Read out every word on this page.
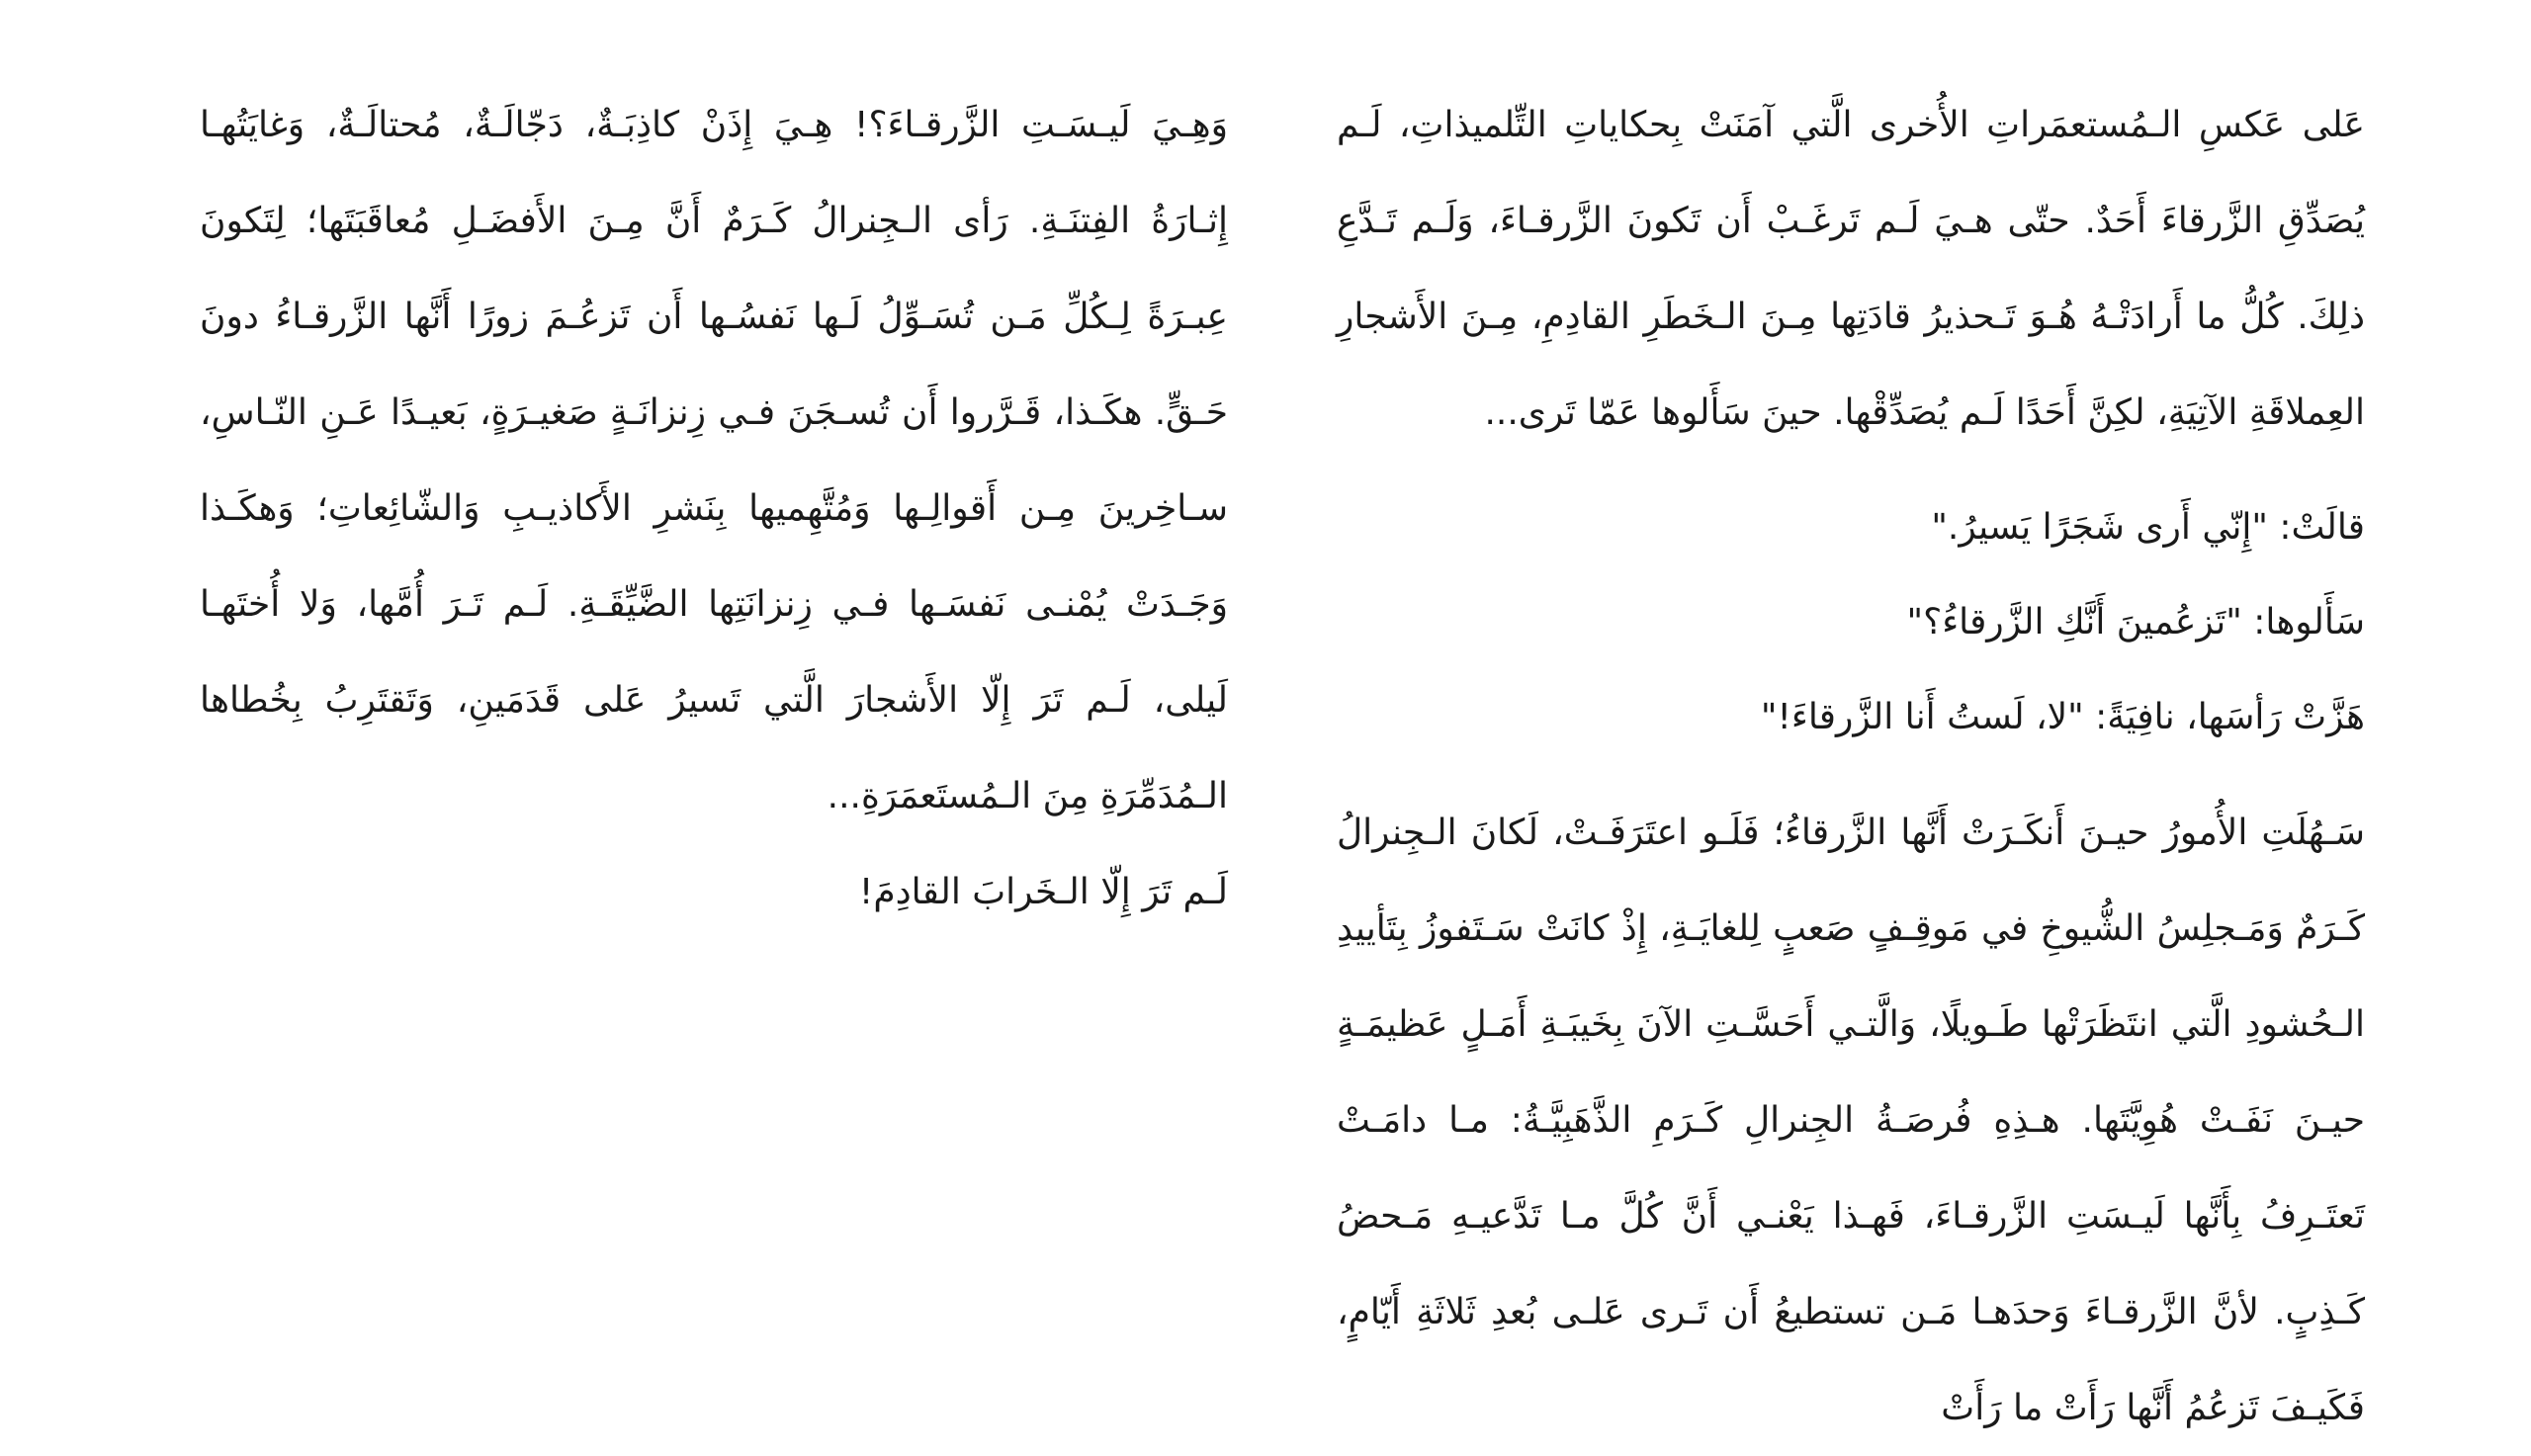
عَلى عَكسِ الـمُستعمَراتِ الأُخرى الَّتي آمَنَتْ بِحكاياتِ التِّلميذاتِ، لَـم يُصَدِّقِ الزَّرقاءَ أَحَدٌ. حتّى هـيَ لَـم تَرغَـبْ أَن تَكونَ الزَّرقـاءَ، وَلَـم تَـدَّعِ ذلِكَ. كُلُّ ما أَرادَتْـهُ هُـوَ تَـحذيرُ قادَتِها مِـنَ الـخَطَرِ القادِمِ، مِـنَ الأَشجارِ العِملاقَةِ الآتِيَةِ، لكِنَّ أَحَدًا لَـم يُصَدِّقْها. حينَ سَأَلوها عَمّا تَرى...

قالَتْ: "إِنّي أَرى شَجَرًا يَسيرُ."

سَأَلوها: "تَزعُمينَ أَنَّكِ الزَّرقاءُ؟"

هَزَّتْ رَأسَها، نافِيَةً: "لا، لَستُ أَنا الزَّرقاءَ!"

سَـهُلَتِ الأُمورُ حيـنَ أَنكَـرَتْ أَنَّها الزَّرقاءُ؛ فَلَـو اعتَرَفَـتْ، لَكانَ الـجِنرالُ كَـرَمٌ وَمَـجلِسُ الشُّيوخِ في مَوقِـفٍ صَعبٍ لِلغايَـةِ، إِذْ كانَتْ سَـتَفوزُ بِتَأييدِ الـحُشودِ الَّتي انتَظَرَتْها طَـويلًا، وَالَّتـي أَحَسَّـتِ الآنَ بِخَيبَـةِ أَمَـلٍ عَظيمَـةٍ حيـنَ نَفَـتْ هُوِيَّتَها. هـذِهِ فُرصَـةُ الجِنرالِ كَـرَمِ الذَّهَبِيَّـةُ: مـا دامَـتْ تَعتَـرِفُ بِأَنَّها لَيـسَتِ الزَّرقـاءَ، فَهـذا يَعْنـي أَنَّ كُلَّ مـا تَدَّعيـهِ مَـحضُ كَـذِبٍ. لأنَّ الزَّرقـاءَ وَحدَهـا مَـن تستطيعُ أَن تَـرى عَلـى بُعدِ ثَلاثَةِ أَيّامٍ، فَكَيـفَ تَزعُمُ أَنَّها رَأَتْ ما رَأَتْ

وَهِـيَ لَيـسَـتِ الزَّرقـاءَ؟! هِـيَ إِذَنْ كاذِبَـةٌ، دَجّالَـةٌ، مُحتالَـةٌ، وَغايَتُهـا إِثـارَةُ الفِتنَـةِ. رَأى الـجِنرالُ كَـرَمٌ أَنَّ مِـنَ الأَفضَـلِ مُعاقَبَتَها؛ لِتَكونَ عِبـرَةً لِـكُلِّ مَـن تُسَـوِّلُ لَـها نَفسُـها أَن تَزعُـمَ زورًا أَنَّها الزَّرقـاءُ دونَ حَـقٍّ. هكَـذا، قَـرَّروا أَن تُسـجَنَ فـي زِنزانَـةٍ صَغيـرَةٍ، بَعيـدًا عَـنِ النّـاسِ، سـاخِرينَ مِـن أَقوالِـها وَمُتَّهِميها بِنَشرِ الأَكاذيـبِ وَالشّائِعاتِ؛ وَهكَـذا وَجَـدَتْ يُمْنـى نَفسَـها فـي زِنزانَتِها الضَّيِّقَـةِ. لَـم تَـرَ أُمَّها، وَلا أُختَهـا لَيلى، لَـم تَرَ إِلّا الأَشجارَ الَّتي تَسيرُ عَلى قَدَمَينِ، وَتَقتَرِبُ بِخُطاها الـمُدَمِّرَةِ مِنَ الـمُستَعمَرَةِ...

لَـم تَرَ إِلّا الـخَرابَ القادِمَ!
